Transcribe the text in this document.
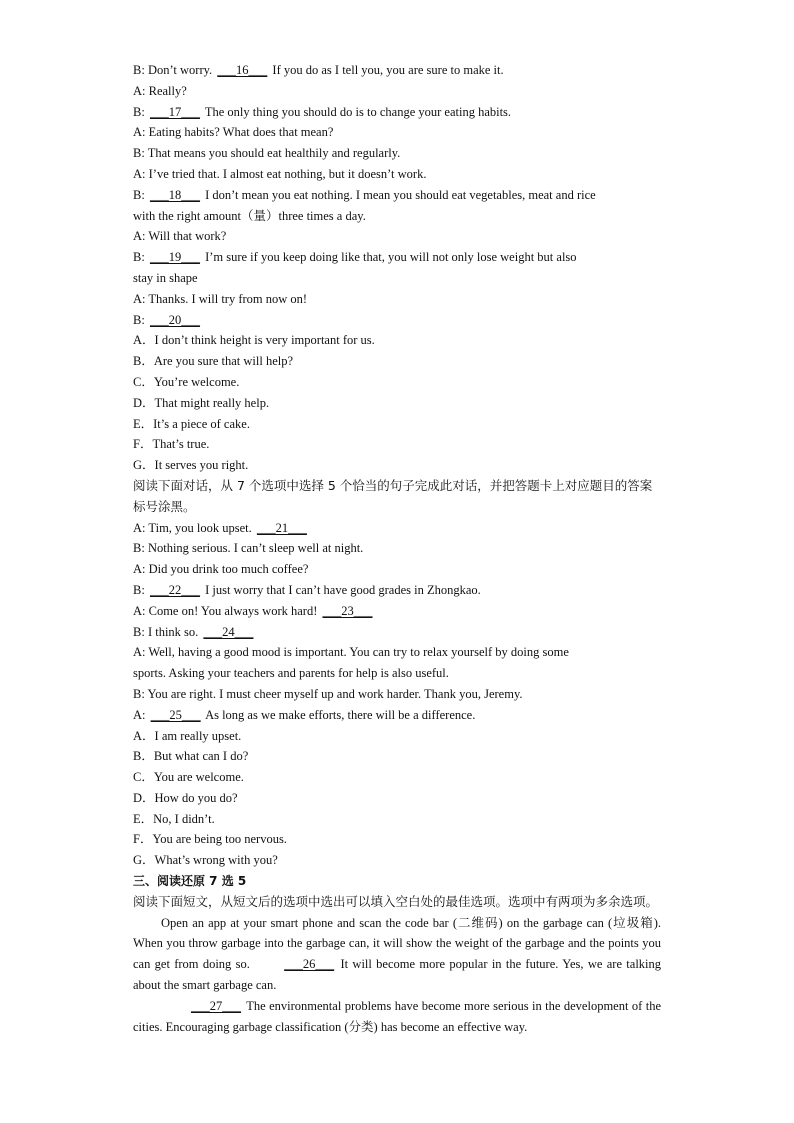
B: Don’t worry. ___16___ If you do as I tell you, you are sure to make it.
A: Really?
B: ___17___ The only thing you should do is to change your eating habits.
A: Eating habits? What does that mean?
B: That means you should eat healthily and regularly.
A: I’ve tried that. I almost eat nothing, but it doesn’t work.
B: ___18___ I don’t mean you eat nothing. I mean you should eat vegetables, meat and rice
with the right amount（量）three times a day.
A: Will that work?
B: ___19___ I’m sure if you keep doing like that, you will not only lose weight but also
stay in shape
A: Thanks. I will try from now on!
B: ___20___
A．I don’t think height is very important for us.
B．Are you sure that will help?
C．You’re welcome.
D．That might really help.
E．It’s a piece of cake.
F．That’s true.
G．It serves you right.
阅读下面对话，从 7 个选项中选择 5 个恰当的句子完成此对话，并把答题卡上对应题目的答案标号涂黑。
A: Tim, you look upset. ___21___
B: Nothing serious. I can’t sleep well at night.
A: Did you drink too much coffee?
B: ___22___ I just worry that I can’t have good grades in Zhongkao.
A: Come on! You always work hard! ___23___
B: I think so. ___24___
A: Well, having a good mood is important. You can try to relax yourself by doing some
sports. Asking your teachers and parents for help is also useful.
B: You are right. I must cheer myself up and work harder. Thank you, Jeremy.
A: ___25___ As long as we make efforts, there will be a difference.
A．I am really upset.
B．But what can I do?
C．You are welcome.
D．How do you do?
E．No, I didn’t.
F．You are being too nervous.
G．What’s wrong with you?
三、阅读还原 7 选 5
阅读下面短文，从短文后的选项中选出可以填入空白处的最佳选项。选项中有两项为多余选项。
Open an app at your smart phone and scan the code bar (二维码) on the garbage can (垃圾箱). When you throw garbage into the garbage can, it will show the weight of the garbage and the points you can get from doing so.	___26___ It will become more popular in the future. Yes, we are talking about the smart garbage can.
___27___ The environmental problems have become more serious in the development of the cities. Encouraging garbage classification (分类) has become an effective way.
